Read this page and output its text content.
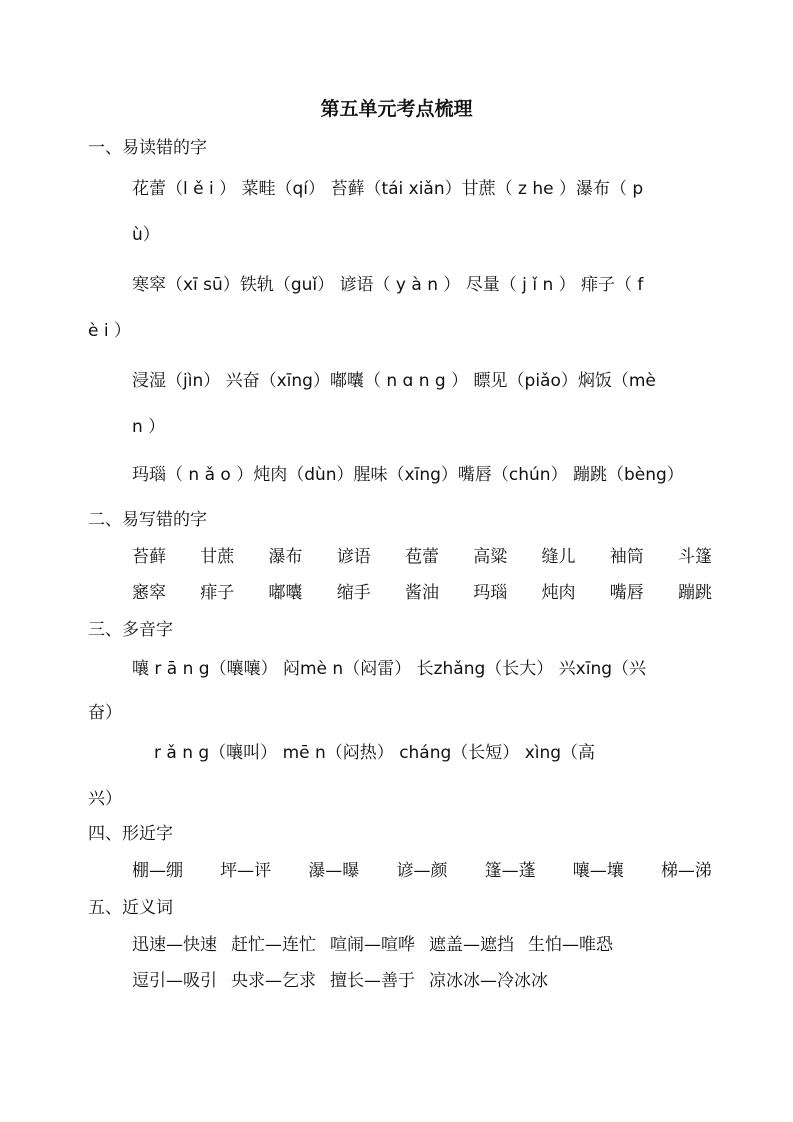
第五单元考点梳理
一、易读错的字
花蕾（l ě i ） 菜畦（qí） 苔藓（tái xiǎn）甘蔗（ z he ）瀑布（ p
ù）
寒窣（xī sū）铁轨（guǐ） 谚语（ y à n ） 尽量（ j ǐ n ） 痱子（ f
è i ）
浸湿（jìn） 兴奋（xīng）嘟囔（ n ɑ n g ） 瞟见（piǎo）焖饭（mè
n ）
玛瑙（ n ǎ o ）炖肉（dùn）腥味（xīng）嘴唇（chún） 蹦跳（bèng）
二、易写错的字
苔藓 甘蔗 瀑布 谚语 苞蕾 高粱 缝儿 袖筒 斗篷
窸窣 痱子 嘟囔 缩手 酱油 玛瑙 炖肉 嘴唇 蹦跳
三、多音字
嚷 r ā n g（嚷嚷） 闷mè n（闷雷） 长zhǎng（长大） 兴xīng（兴
奋）
r ǎ n g（嚷叫） mē n（闷热） cháng（长短） xìng（高
兴）
四、形近字
棚—绷 坪—评 瀑—曝 谚—颜 篷—蓬 嚷—壤 梯—涕
五、近义词
迅速—快速 赶忙—连忙 喧闹—喧哗 遮盖—遮挡 生怕—唯恐
逗引—吸引 央求—乞求 擅长—善于 凉冰冰—冷冰冰
